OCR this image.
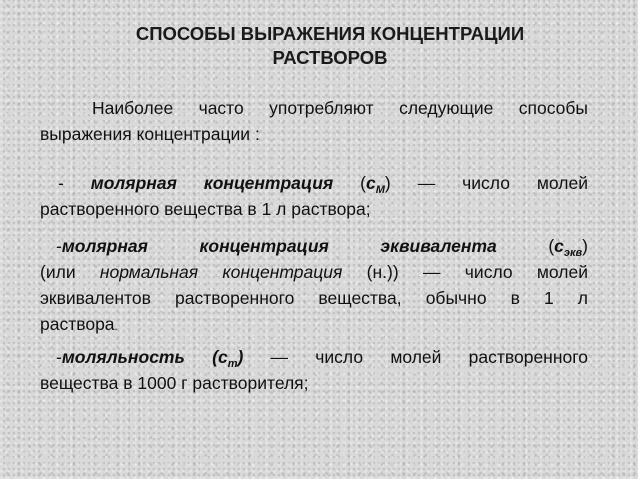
СПОСОБЫ ВЫРАЖЕНИЯ КОНЦЕНТРАЦИИ
РАСТВОРОВ
Наиболее часто употребляют следующие способы
выражения концентрации :
- молярная концентрация $(с_М)$ — число молей
растворенного вещества в 1 л раствора;
-молярная концентрация эквивалента	$(с_{экв})$
(или нормальная концентрация (н.)) — число молей
эквивалентов растворенного вещества, обычно в 1 л
раствора.
-моляльность $(с_m)$ — число молей растворенного
вещества в 1000 г растворителя;
